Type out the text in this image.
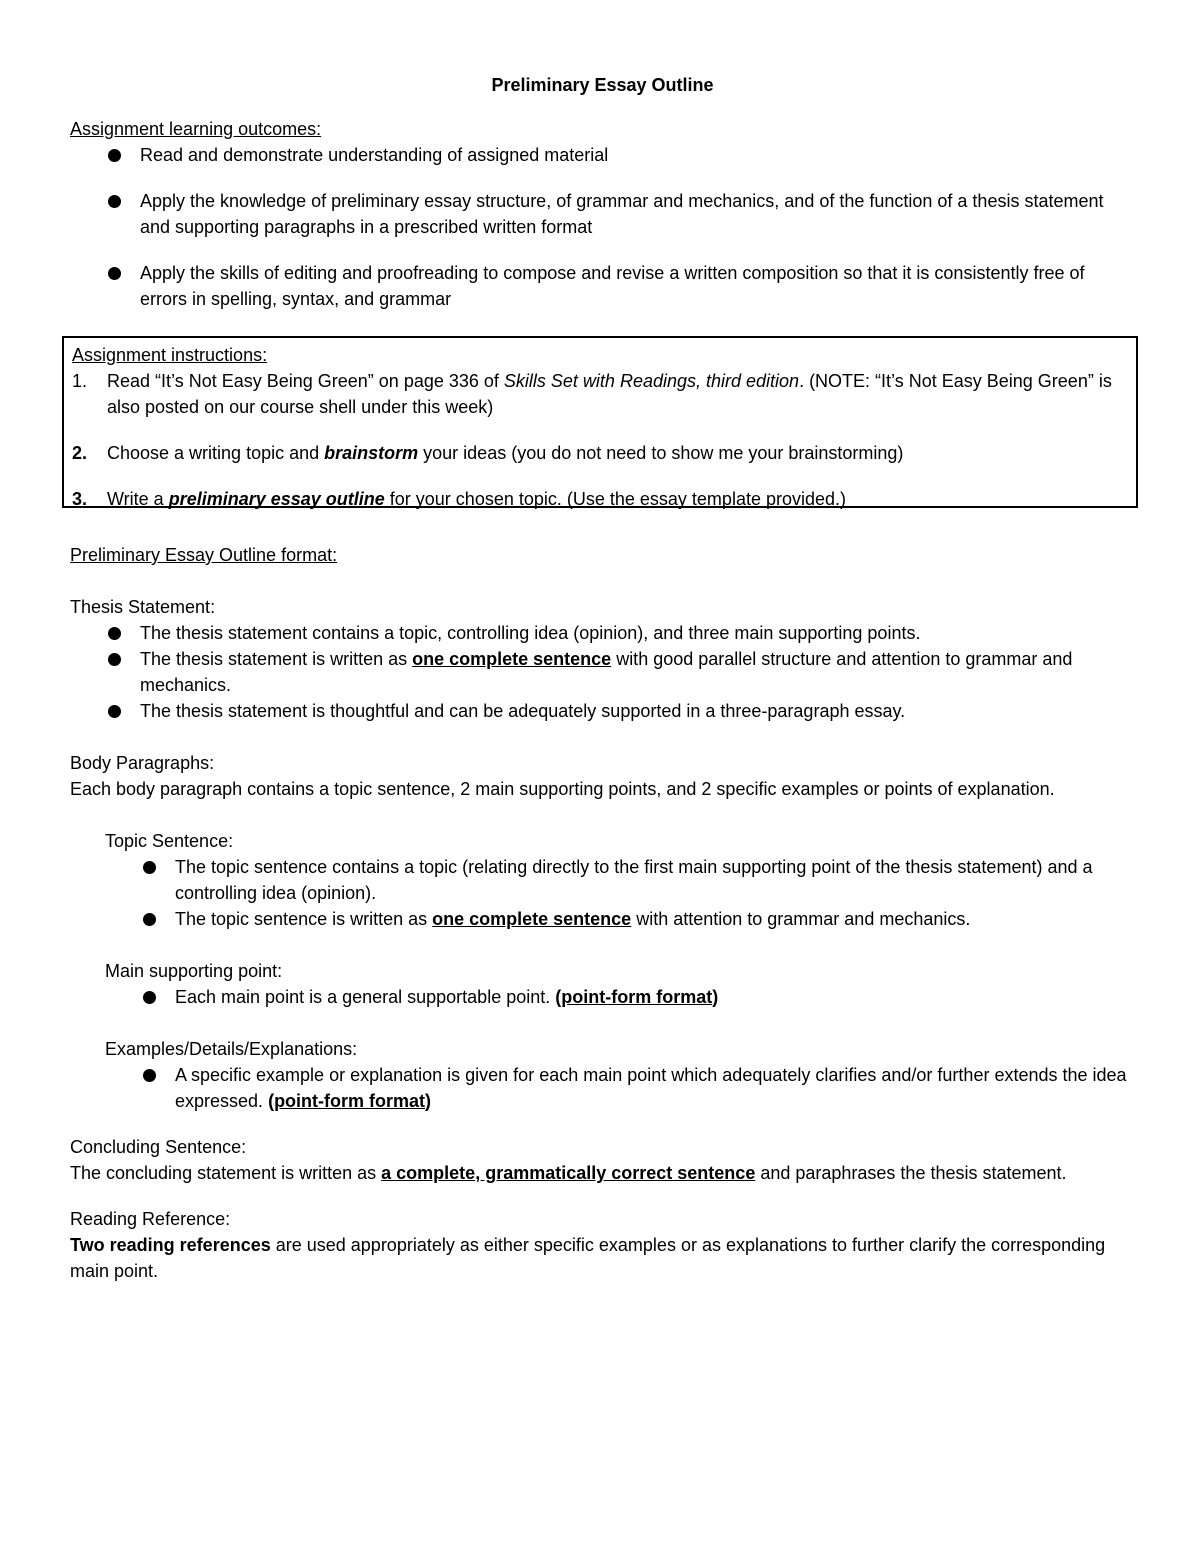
Preliminary Essay Outline

Assignment learning outcomes:

Read and demonstrate understanding of assigned material
Apply the knowledge of preliminary essay structure, of grammar and mechanics, and of the function of a thesis statement and supporting paragraphs in a prescribed written format
Apply the skills of editing and proofreading to compose and revise a written composition so that it is consistently free of errors in spelling, syntax, and grammar

Assignment instructions:

1. Read “It’s Not Easy Being Green” on page 336 of Skills Set with Readings, third edition. (NOTE: “It’s Not Easy Being Green” is also posted on our course shell under this week)
2. Choose a writing topic and brainstorm your ideas (you do not need to show me your brainstorming)
3. Write a preliminary essay outline for your chosen topic. (Use the essay template provided.)

Preliminary Essay Outline format:

Thesis Statement:

The thesis statement contains a topic, controlling idea (opinion), and three main supporting points.
The thesis statement is written as one complete sentence with good parallel structure and attention to grammar and mechanics.
The thesis statement is thoughtful and can be adequately supported in a three-paragraph essay.

Body Paragraphs:

Each body paragraph contains a topic sentence, 2 main supporting points, and 2 specific examples or points of explanation.

Topic Sentence:

The topic sentence contains a topic (relating directly to the first main supporting point of the thesis statement) and a controlling idea (opinion).
The topic sentence is written as one complete sentence with attention to grammar and mechanics.

Main supporting point:

Each main point is a general supportable point. (point-form format)

Examples/Details/Explanations:

A specific example or explanation is given for each main point which adequately clarifies and/or further extends the idea expressed. (point-form format)

Concluding Sentence:

The concluding statement is written as a complete, grammatically correct sentence and paraphrases the thesis statement.

Reading Reference:

Two reading references are used appropriately as either specific examples or as explanations to further clarify the corresponding main point.
